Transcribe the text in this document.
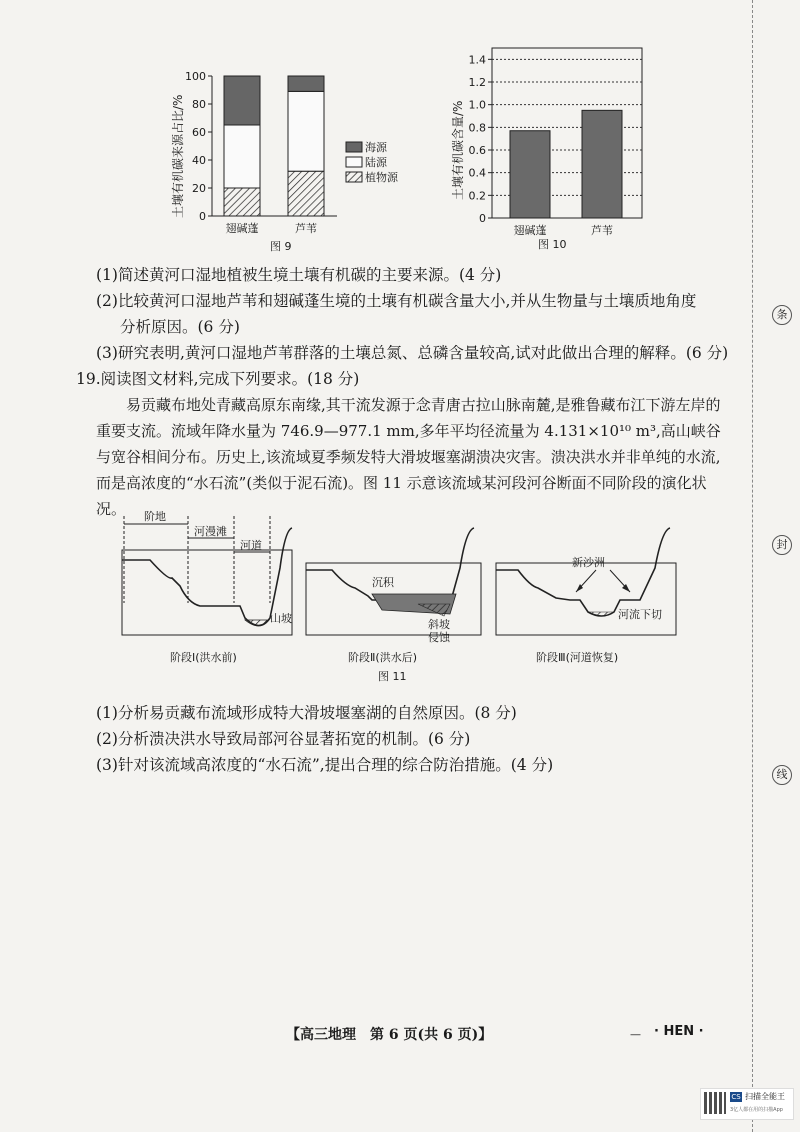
0
20
40
60
80
100
翅碱蓬	芦苇
海源
陆源
植物源
土壤有机碳来源占比/%
图 9
0
0.2
0.4
0.6
0.8
1.0
1.2
1.4
翅碱蓬	芦苇
土壤有机碳含量/%
图 10
(1)简述黄河口湿地植被生境土壤有机碳的主要来源。(4 分)
(2)比较黄河口湿地芦苇和翅碱蓬生境的土壤有机碳含量大小,并从生物量与土壤质地角度
分析原因。(6 分)
(3)研究表明,黄河口湿地芦苇群落的土壤总氮、总磷含量较高,试对此做出合理的解释。(6 分)
19.阅读图文材料,完成下列要求。(18 分)
易贡藏布地处青藏高原东南缘,其干流发源于念青唐古拉山脉南麓,是雅鲁藏布江下游左岸的重要支流。流域年降水量为 746.9—977.1 mm,多年平均径流量为 4.131×10¹⁰ m³,高山峡谷与宽谷相间分布。历史上,该流域夏季频发特大滑坡堰塞湖溃决灾害。溃决洪水并非单纯的水流,而是高浓度的“水石流”(类似于泥石流)。图 11 示意该流域某河段河谷断面不同阶段的演化状况。	阶地
河漫滩
河道
山坡
阶段Ⅰ(洪水前)
沉积
斜坡
侵蚀
阶段Ⅱ(洪水后)
新沙洲
河流下切
阶段Ⅲ(河道恢复)
图 11
(1)分析易贡藏布流域形成特大滑坡堰塞湖的自然原因。(8 分)
(2)分析溃决洪水导致局部河谷显著拓宽的机制。(6 分)
(3)针对该流域高浓度的“水石流”,提出合理的综合防治措施。(4 分)
【高三地理　第 6 页(共 6 页)】	— · HEN ·
条
封
线
CS 扫描全能王
3亿人都在用的扫描App
